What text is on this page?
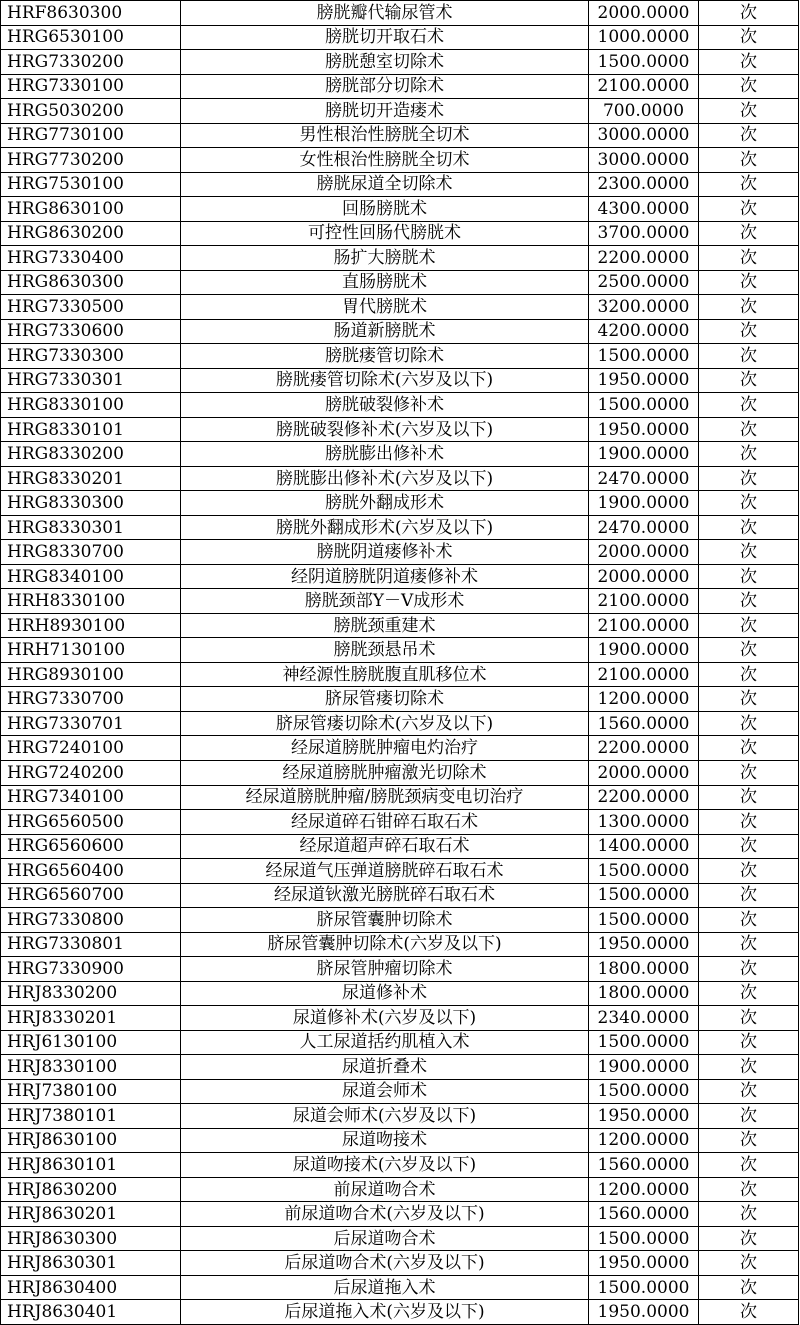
HRF8630300	膀胱瓣代输尿管术	2000.0000	次
HRG6530100	膀胱切开取石术	1000.0000	次
HRG7330200	膀胱憩室切除术	1500.0000	次
HRG7330100	膀胱部分切除术	2100.0000	次
HRG5030200	膀胱切开造瘘术	700.0000	次
HRG7730100	男性根治性膀胱全切术	3000.0000	次
HRG7730200	女性根治性膀胱全切术	3000.0000	次
HRG7530100	膀胱尿道全切除术	2300.0000	次
HRG8630100	回肠膀胱术	4300.0000	次
HRG8630200	可控性回肠代膀胱术	3700.0000	次
HRG7330400	肠扩大膀胱术	2200.0000	次
HRG8630300	直肠膀胱术	2500.0000	次
HRG7330500	胃代膀胱术	3200.0000	次
HRG7330600	肠道新膀胱术	4200.0000	次
HRG7330300	膀胱瘘管切除术	1500.0000	次
HRG7330301	膀胱瘘管切除术(六岁及以下)	1950.0000	次
HRG8330100	膀胱破裂修补术	1500.0000	次
HRG8330101	膀胱破裂修补术(六岁及以下)	1950.0000	次
HRG8330200	膀胱膨出修补术	1900.0000	次
HRG8330201	膀胱膨出修补术(六岁及以下)	2470.0000	次
HRG8330300	膀胱外翻成形术	1900.0000	次
HRG8330301	膀胱外翻成形术(六岁及以下)	2470.0000	次
HRG8330700	膀胱阴道瘘修补术	2000.0000	次
HRG8340100	经阴道膀胱阴道瘘修补术	2000.0000	次
HRH8330100	膀胱颈部Y－V成形术	2100.0000	次
HRH8930100	膀胱颈重建术	2100.0000	次
HRH7130100	膀胱颈悬吊术	1900.0000	次
HRG8930100	神经源性膀胱腹直肌移位术	2100.0000	次
HRG7330700	脐尿管瘘切除术	1200.0000	次
HRG7330701	脐尿管瘘切除术(六岁及以下)	1560.0000	次
HRG7240100	经尿道膀胱肿瘤电灼治疗	2200.0000	次
HRG7240200	经尿道膀胱肿瘤激光切除术	2000.0000	次
HRG7340100	经尿道膀胱肿瘤/膀胱颈病变电切治疗	2200.0000	次
HRG6560500	经尿道碎石钳碎石取石术	1300.0000	次
HRG6560600	经尿道超声碎石取石术	1400.0000	次
HRG6560400	经尿道气压弹道膀胱碎石取石术	1500.0000	次
HRG6560700	经尿道钬激光膀胱碎石取石术	1500.0000	次
HRG7330800	脐尿管囊肿切除术	1500.0000	次
HRG7330801	脐尿管囊肿切除术(六岁及以下)	1950.0000	次
HRG7330900	脐尿管肿瘤切除术	1800.0000	次
HRJ8330200	尿道修补术	1800.0000	次
HRJ8330201	尿道修补术(六岁及以下)	2340.0000	次
HRJ6130100	人工尿道括约肌植入术	1500.0000	次
HRJ8330100	尿道折叠术	1900.0000	次
HRJ7380100	尿道会师术	1500.0000	次
HRJ7380101	尿道会师术(六岁及以下)	1950.0000	次
HRJ8630100	尿道吻接术	1200.0000	次
HRJ8630101	尿道吻接术(六岁及以下)	1560.0000	次
HRJ8630200	前尿道吻合术	1200.0000	次
HRJ8630201	前尿道吻合术(六岁及以下)	1560.0000	次
HRJ8630300	后尿道吻合术	1500.0000	次
HRJ8630301	后尿道吻合术(六岁及以下)	1950.0000	次
HRJ8630400	后尿道拖入术	1500.0000	次
HRJ8630401	后尿道拖入术(六岁及以下)	1950.0000	次
